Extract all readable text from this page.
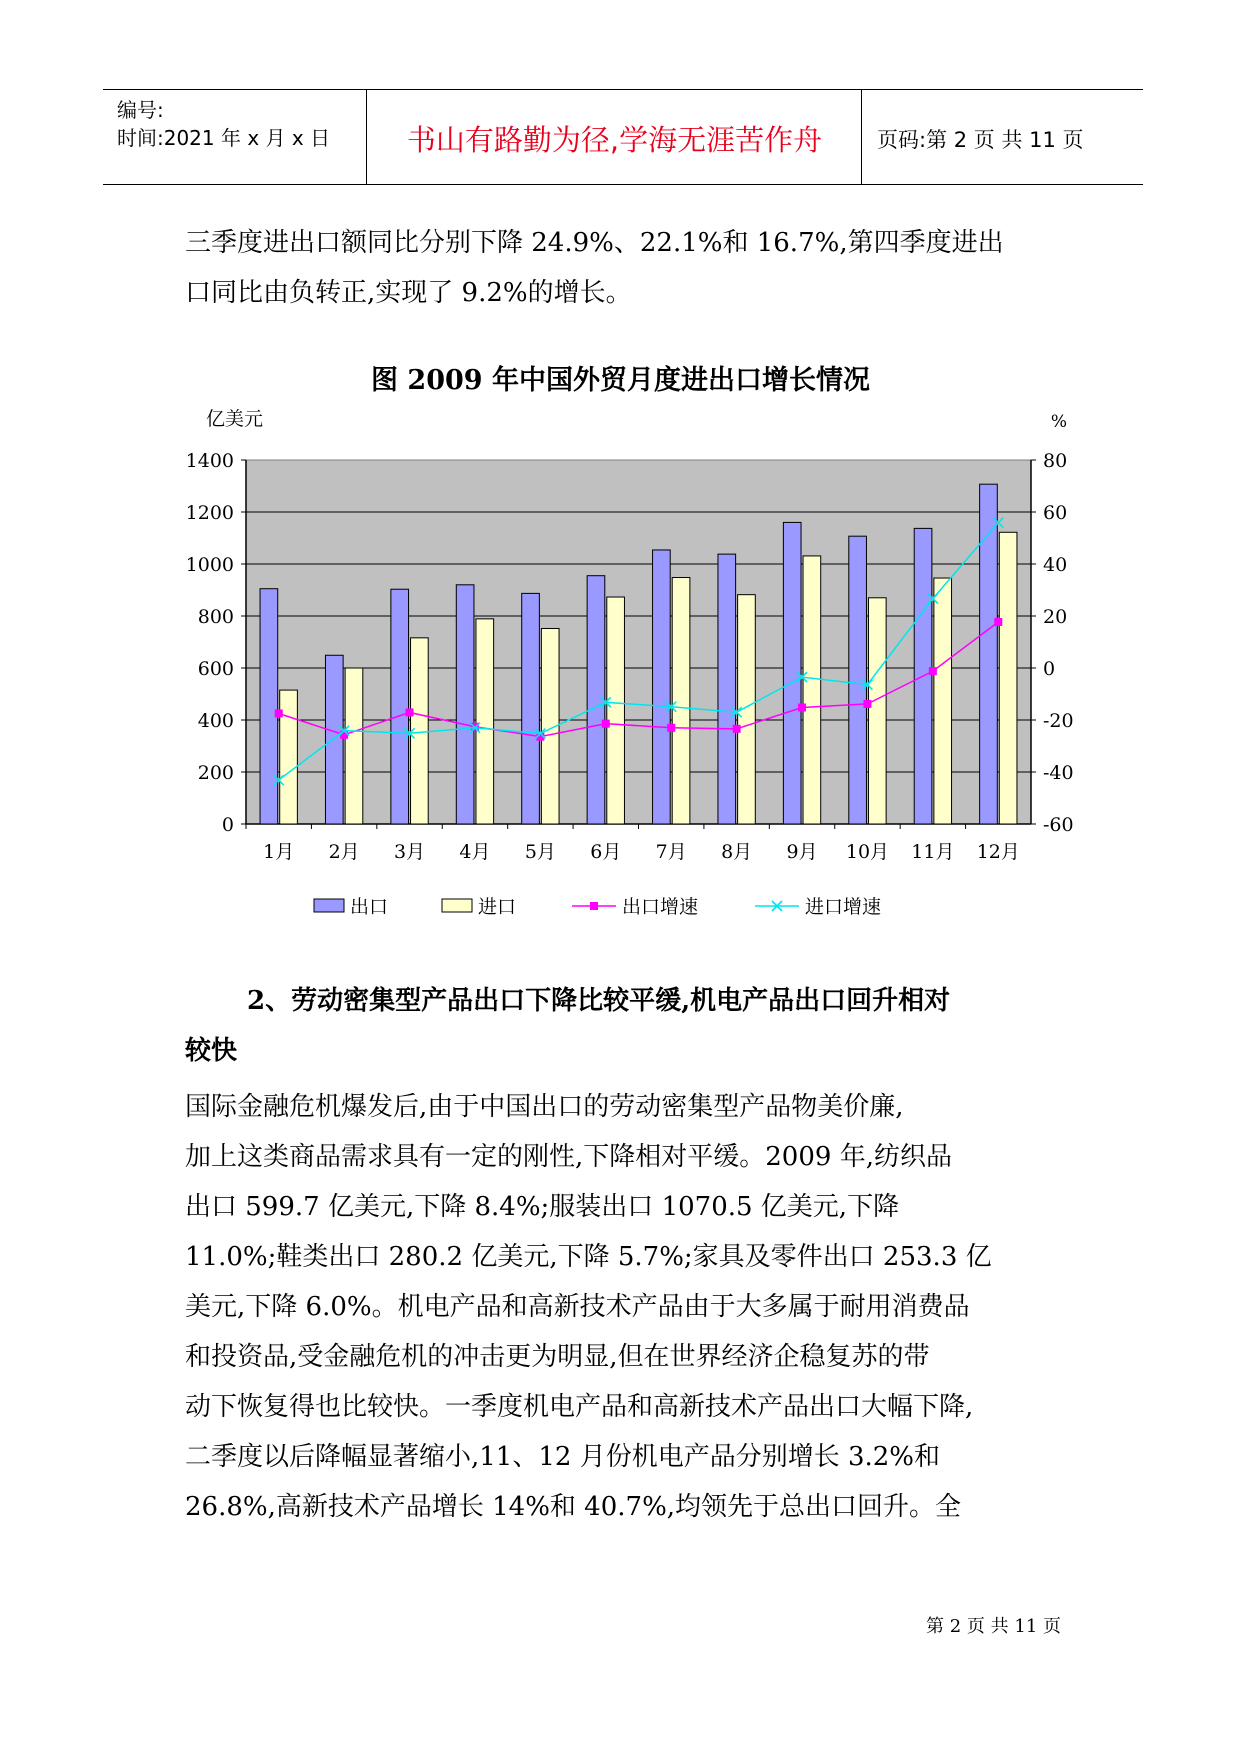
编号:
时间:2021 年 x 月 x 日	书山有路勤为径,学海无涯苦作舟	页码:第 2 页 共 11 页
三季度进出口额同比分别下降 24.9%、22.1%和 16.7%,第四季度进出
口同比由负转正,实现了 9.2%的增长。
图 2009 年中国外贸月度进出口增长情况
亿美元	%
1400	80
1200	60
1000	40
800	20
600	0
400	-20
200	-40
0	-60
1月 2月 3月 4月 5月 6月 7月 8月 9月 10月 11月 12月
出口	进口	出口增速	进口增速
2、劳动密集型产品出口下降比较平缓,机电产品出口回升相对
较快
国际金融危机爆发后,由于中国出口的劳动密集型产品物美价廉,
加上这类商品需求具有一定的刚性,下降相对平缓。2009 年,纺织品
出口 599.7 亿美元,下降 8.4%;服装出口 1070.5 亿美元,下降
11.0%;鞋类出口 280.2 亿美元,下降 5.7%;家具及零件出口 253.3 亿
美元,下降 6.0%。机电产品和高新技术产品由于大多属于耐用消费品
和投资品,受金融危机的冲击更为明显,但在世界经济企稳复苏的带
动下恢复得也比较快。一季度机电产品和高新技术产品出口大幅下降,
二季度以后降幅显著缩小,11、12 月份机电产品分别增长 3.2%和
26.8%,高新技术产品增长 14%和 40.7%,均领先于总出口回升。全
第 2 页 共 11 页
